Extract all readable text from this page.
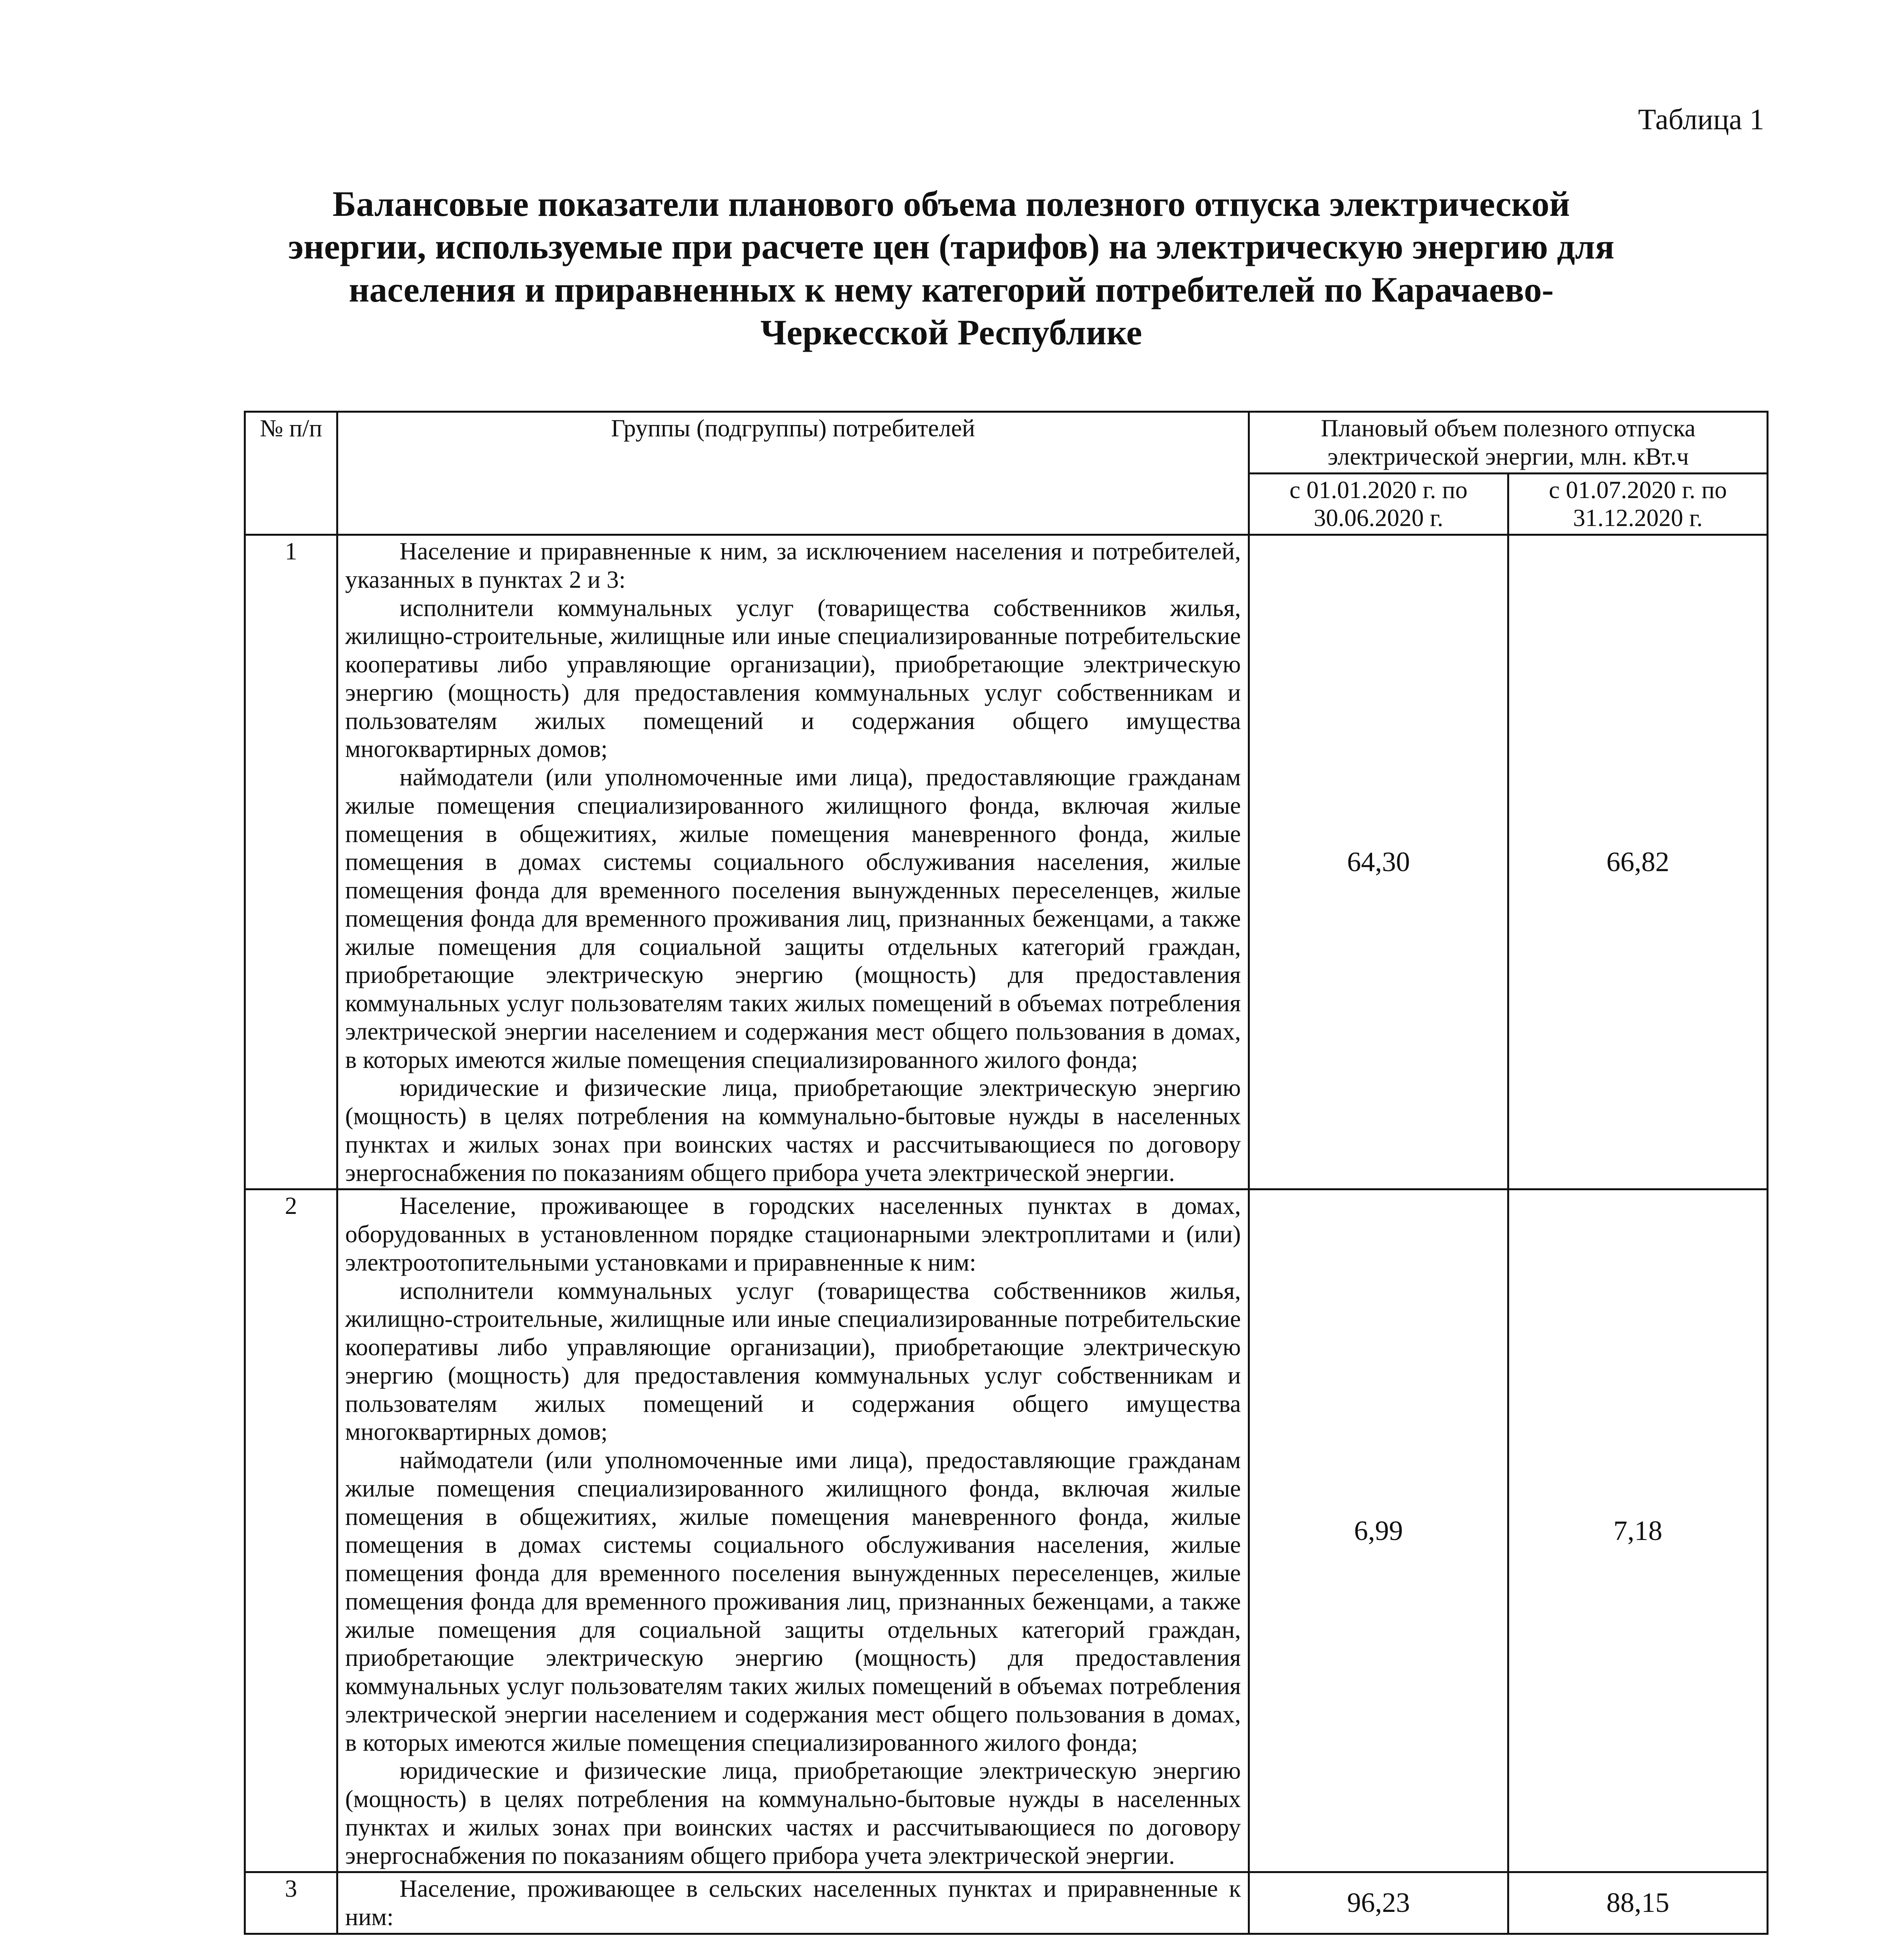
Таблица 1
Балансовые показатели планового объема полезного отпуска электрической энергии, используемые при расчете цен (тарифов) на электрическую энергию для населения и приравненных к нему категорий потребителей по Карачаево-Черкесской Республике
№ п/п	Группы (подгруппы) потребителей	Плановый объем полезного отпуска электрической энергии, млн. кВт.ч	
		с 01.01.2020 г. по 30.06.2020 г.	с 01.07.2020 г. по 31.12.2020 г.
1	Население и приравненные к ним, за исключением населения и потребителей, указанных в пунктах 2 и 3:

исполнители коммунальных услуг (товарищества собственников жилья, жилищно-строительные, жилищные или иные специализированные потребительские кооперативы либо управляющие организации), приобретающие электрическую энергию (мощность) для предоставления коммунальных услуг собственникам и пользователям жилых помещений и содержания общего имущества многоквартирных домов;

наймодатели (или уполномоченные ими лица), предоставляющие гражданам жилые помещения специализированного жилищного фонда, включая жилые помещения в общежитиях, жилые помещения маневренного фонда, жилые помещения в домах системы социального обслуживания населения, жилые помещения фонда для временного поселения вынужденных переселенцев, жилые помещения фонда для временного проживания лиц, признанных беженцами, а также жилые помещения для социальной защиты отдельных категорий граждан, приобретающие электрическую энергию (мощность) для предоставления коммунальных услуг пользователям таких жилых помещений в объемах потребления электрической энергии населением и содержания мест общего пользования в домах, в которых имеются жилые помещения специализированного жилого фонда;

юридические и физические лица, приобретающие электрическую энергию (мощность) в целях потребления на коммунально-бытовые нужды в населенных пунктах и жилых зонах при воинских частях и рассчитывающиеся по договору энергоснабжения по показаниям общего прибора учета электрической энергии.	64,30	66,82
2	Население, проживающее в городских населенных пунктах в домах, оборудованных в установленном порядке стационарными электроплитами и (или) электроотопительными установками и приравненные к ним:

исполнители коммунальных услуг (товарищества собственников жилья, жилищно-строительные, жилищные или иные специализированные потребительские кооперативы либо управляющие организации), приобретающие электрическую энергию (мощность) для предоставления коммунальных услуг собственникам и пользователям жилых помещений и содержания общего имущества многоквартирных домов;

наймодатели (или уполномоченные ими лица), предоставляющие гражданам жилые помещения специализированного жилищного фонда, включая жилые помещения в общежитиях, жилые помещения маневренного фонда, жилые помещения в домах системы социального обслуживания населения, жилые помещения фонда для временного поселения вынужденных переселенцев, жилые помещения фонда для временного проживания лиц, признанных беженцами, а также жилые помещения для социальной защиты отдельных категорий граждан, приобретающие электрическую энергию (мощность) для предоставления коммунальных услуг пользователям таких жилых помещений в объемах потребления электрической энергии населением и содержания мест общего пользования в домах, в которых имеются жилые помещения специализированного жилого фонда;

юридические и физические лица, приобретающие электрическую энергию (мощность) в целях потребления на коммунально-бытовые нужды в населенных пунктах и жилых зонах при воинских частях и рассчитывающиеся по договору энергоснабжения по показаниям общего прибора учета электрической энергии.	6,99	7,18
3	Население, проживающее в сельских населенных пунктах и приравненные к ним:	96,23	88,15
